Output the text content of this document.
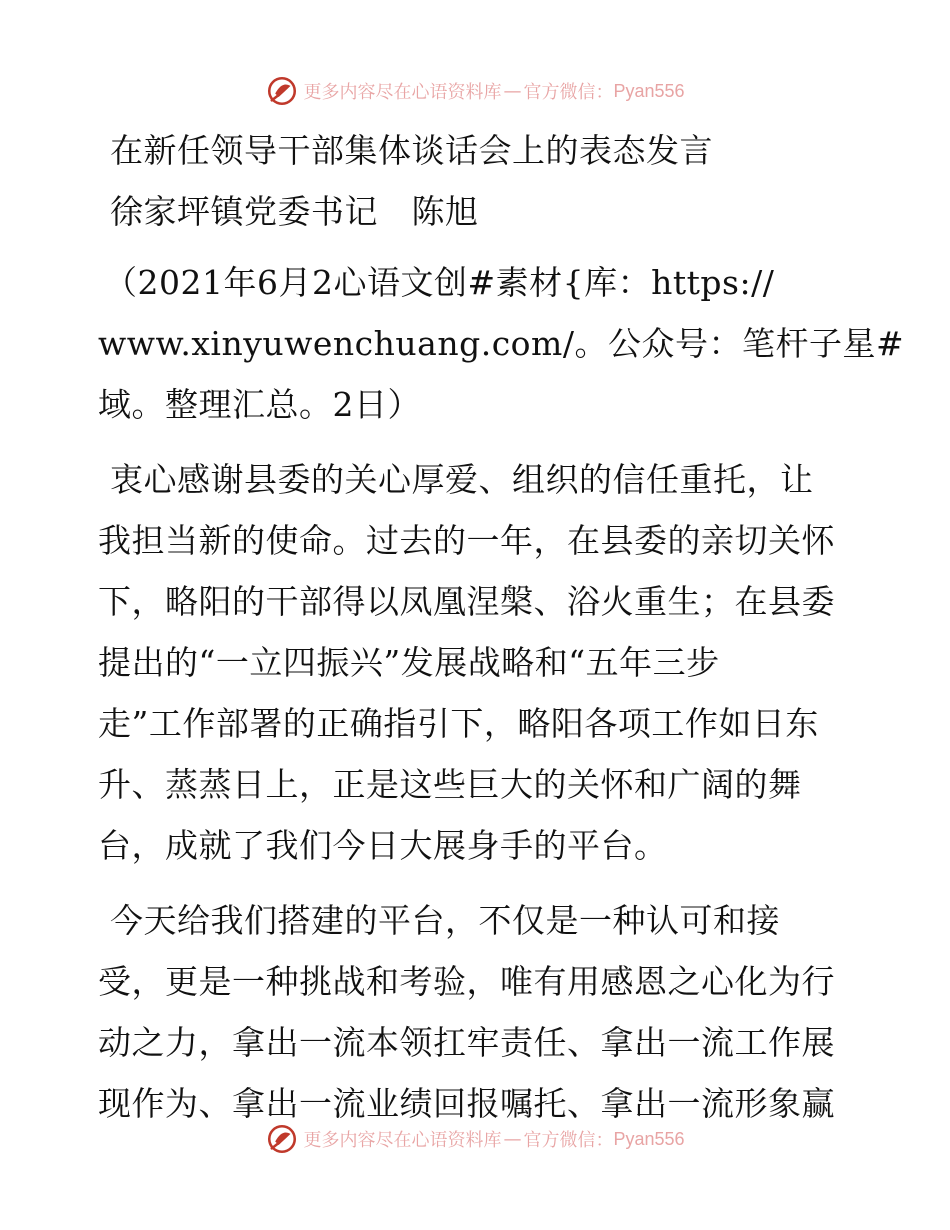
更多内容尽在心语资料库 — 官方微信： Pyan556
在新任领导干部集体谈话会上的表态发言
徐家坪镇党委书记　陈旭
（2021年6月2心语文创#素材{库：https://
www.xinyuwenchuang.com/。公众号：笔杆子星#
域。整理汇总。2日）
衷心感谢县委的关心厚爱、组织的信任重托，让
我担当新的使命。过去的一年，在县委的亲切关怀
下，略阳的干部得以凤凰涅槃、浴火重生；在县委
提出的“一立四振兴”发展战略和“五年三步
走”工作部署的正确指引下，略阳各项工作如日东
升、蒸蒸日上，正是这些巨大的关怀和广阔的舞
台，成就了我们今日大展身手的平台。
今天给我们搭建的平台，不仅是一种认可和接
受，更是一种挑战和考验，唯有用感恩之心化为行
动之力，拿出一流本领扛牢责任、拿出一流工作展
现作为、拿出一流业绩回报嘱托、拿出一流形象赢
更多内容尽在心语资料库 — 官方微信： Pyan556
